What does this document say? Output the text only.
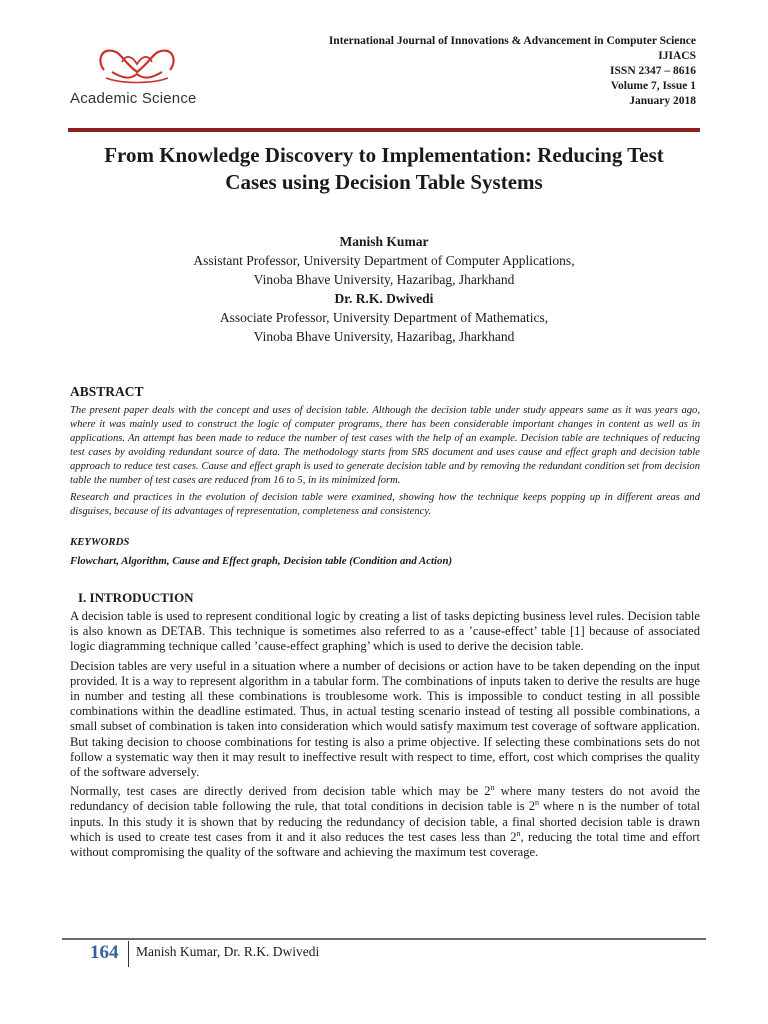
Academic Science
International Journal of Innovations & Advancement in Computer Science
IJIACS
ISSN 2347 – 8616
Volume 7, Issue 1
January 2018
From Knowledge Discovery to Implementation: Reducing Test
Cases using Decision Table Systems
Manish Kumar
Assistant Professor, University Department of Computer Applications,
Vinoba Bhave University, Hazaribag, Jharkhand
Dr. R.K. Dwivedi
Associate Professor, University Department of Mathematics,
Vinoba Bhave University, Hazaribag, Jharkhand
ABSTRACT

The present paper deals with the concept and uses of decision table. Although the decision table under study appears same as it was years ago, where it was mainly used to construct the logic of computer programs, there has been considerable important changes in content as well as in applications. An attempt has been made to reduce the number of test cases with the help of an example. Decision table are techniques of reducing test cases by avoiding redundant source of data. The methodology starts from SRS document and uses cause and effect graph and decision table approach to reduce test cases. Cause and effect graph is used to generate decision table and by removing the redundant condition set from decision table the number of test cases are reduced from 16 to 5, in its minimized form.

Research and practices in the evolution of decision table were examined, showing how the technique keeps popping up in different areas and disguises, because of its advantages of representation, completeness and consistency.

KEYWORDS
Flowchart, Algorithm, Cause and Effect graph, Decision table (Condition and Action)
I. INTRODUCTION

A decision table is used to represent conditional logic by creating a list of tasks depicting business level rules. Decision table is also known as DETAB. This technique is sometimes also referred to as a ’cause-effect’ table [1] because of associated logic diagramming technique called ’cause-effect graphing’ which is used to derive the decision table.

Decision tables are very useful in a situation where a number of decisions or action have to be taken depending on the input provided. It is a way to represent algorithm in a tabular form. The combinations of inputs taken to derive the results are huge in number and testing all these combinations is troublesome work. This is impossible to conduct testing in all possible combinations within the deadline estimated. Thus, in actual testing scenario instead of testing all possible combinations, a small subset of combination is taken into consideration which would satisfy maximum test coverage of software application. But taking decision to choose combinations for testing is also a prime objective. If selecting these combinations sets do not follow a systematic way then it may result to ineffective result with respect to time, effort, cost which comprises the quality of the software adversely.

Normally, test cases are directly derived from decision table which may be 2$^n$ where many testers do not avoid the redundancy of decision table following the rule, that total conditions in decision table is 2$^n$ where n is the number of total inputs. In this study it is shown that by reducing the redundancy of decision table, a final shorted decision table is drawn which is used to create test cases from it and it also reduces the test cases less than 2$^n$, reducing the total time and effort without compromising the quality of the software and achieving the maximum test coverage.

164 Manish Kumar, Dr. R.K. Dwivedi
